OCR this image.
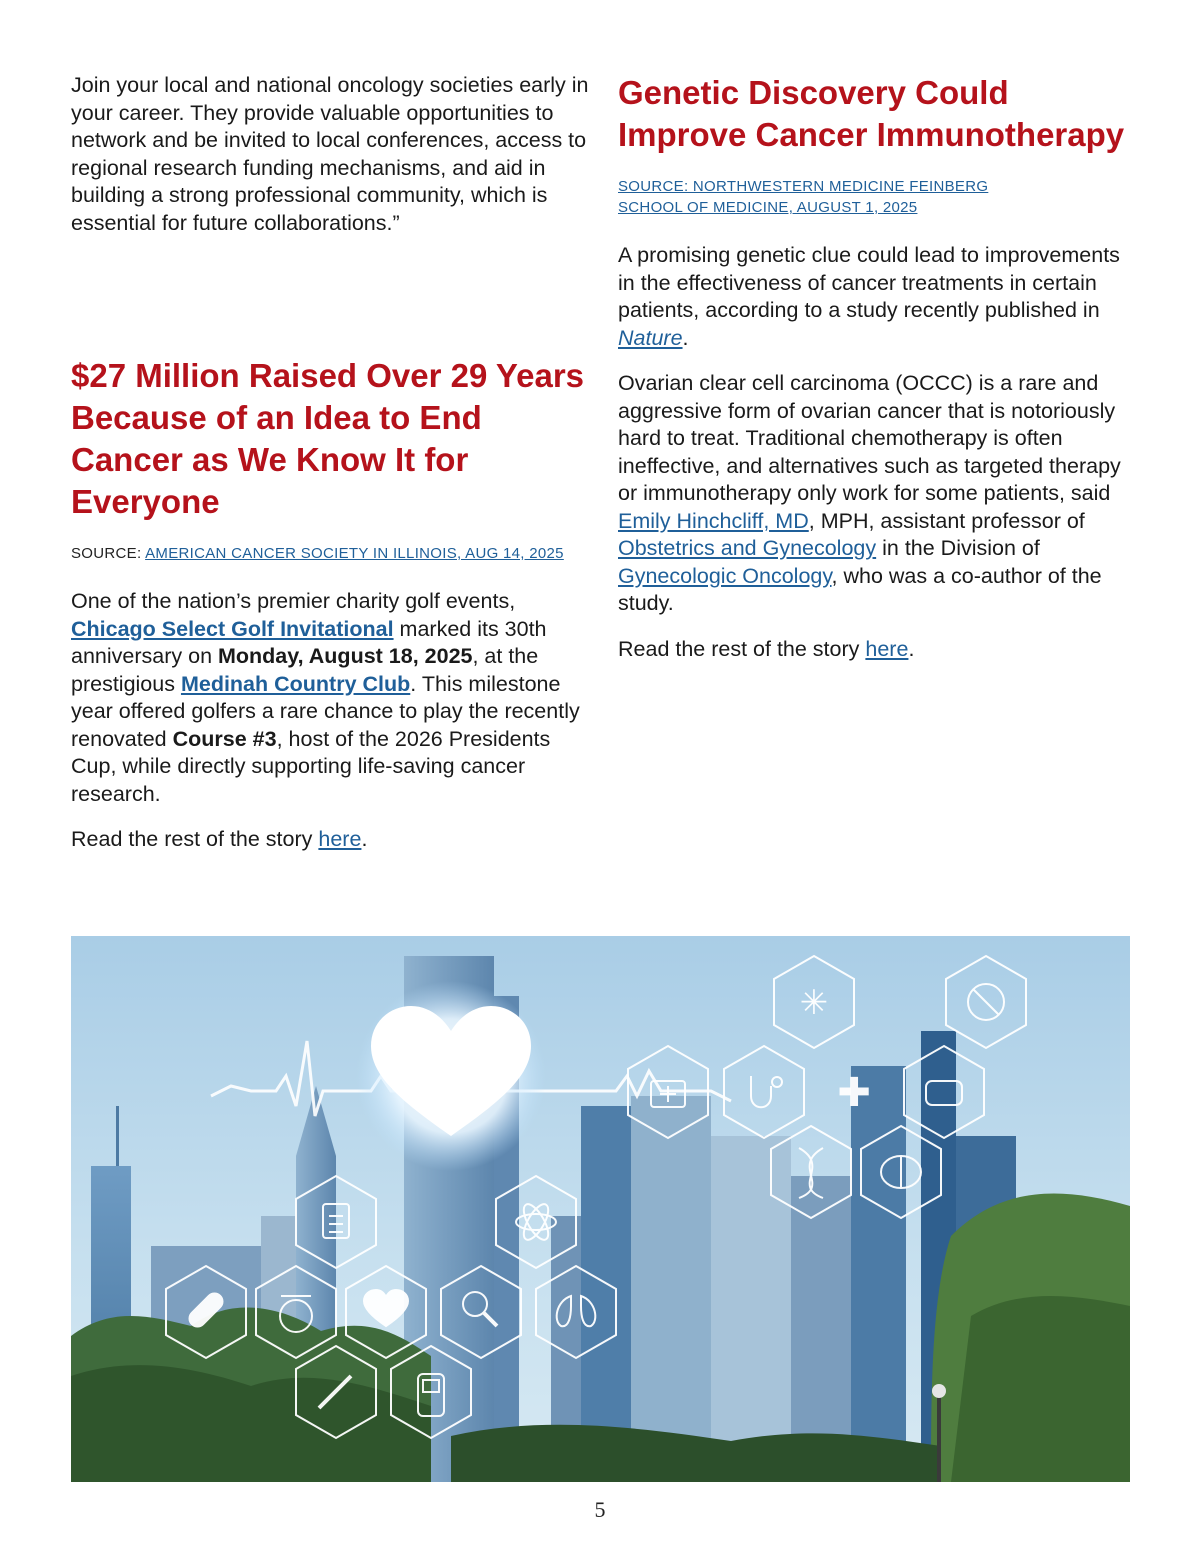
Join your local and national oncology societies early in your career. They provide valuable opportunities to network and be invited to local conferences, access to regional research funding mechanisms, and aid in building a strong professional community, which is essential for future collaborations.”

$27 Million Raised Over 29 Years Because of an Idea to End Cancer as We Know It for Everyone
SOURCE: AMERICAN CANCER SOCIETY IN ILLINOIS, AUG 14, 2025

One of the nation’s premier charity golf events, Chicago Select Golf Invitational marked its 30th anniversary on Monday, August 18, 2025, at the prestigious Medinah Country Club. This milestone year offered golfers a rare chance to play the recently renovated Course #3, host of the 2026 Presidents Cup, while directly supporting life-saving cancer research.

Read the rest of the story here.

Genetic Discovery Could Improve Cancer Immunotherapy
SOURCE: NORTHWESTERN MEDICINE FEINBERG SCHOOL OF MEDICINE, AUGUST 1, 2025

A promising genetic clue could lead to improvements in the effectiveness of cancer treatments in certain patients, according to a study recently published in Nature.

Ovarian clear cell carcinoma (OCCC) is a rare and aggressive form of ovarian cancer that is notoriously hard to treat. Traditional chemotherapy is often ineffective, and alternatives such as targeted therapy or immunotherapy only work for some patients, said Emily Hinchcliff, MD, MPH, assistant professor of Obstetrics and Gynecology in the Division of Gynecologic Oncology, who was a co-author of the study.

Read the rest of the story here.

✳
✚
5
